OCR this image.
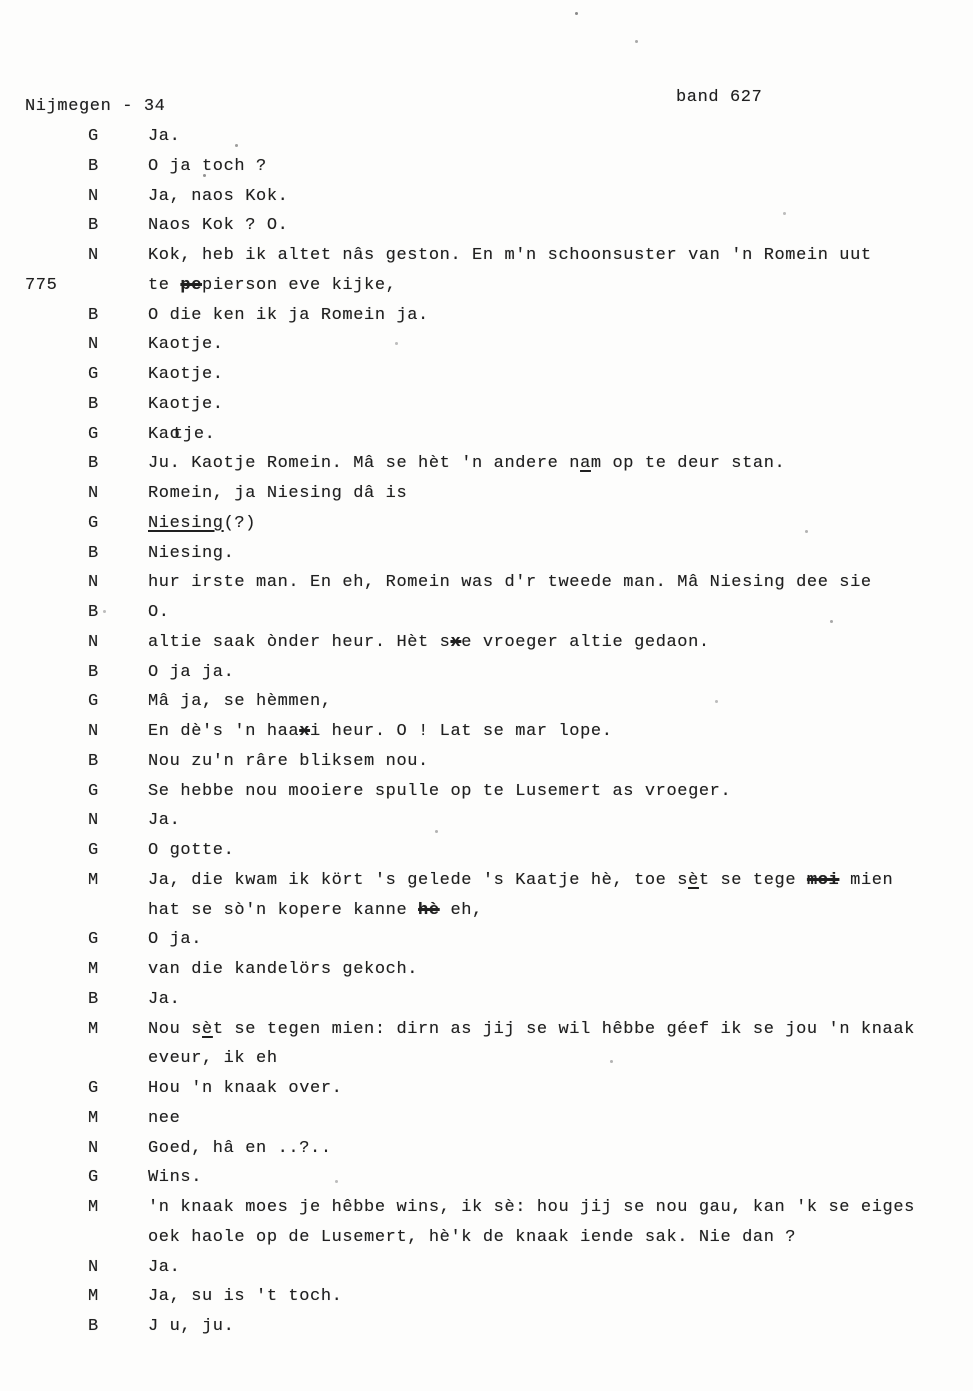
Nijmegen - 34	band 627
G	Ja.
B	O ja toch ?
N	Ja, naos Kok.
B	Naos Kok ? O.
N	Kok, heb ik altet nâs geston. En m'n schoonsuster van 'n Romein uut
775	te pepierson eve kijke,
B	O die ken ik ja Romein ja.
N	Kaotje.
G	Kaotje.
B	Kaotje.
G	Kaot je.
B	Ju. Kaotje Romein. Mâ se hèt 'n andere nam op te deur stan.
N	Romein, ja Niesing dâ is
G	Niesing(?)
B	Niesing.
N	hur irste man. En eh, Romein was d'r tweede man. Mâ Niesing dee sie
B	O.
N	altie saak ònder heur. Hèt sxe vroeger altie gedaon.
B	O ja ja.
G	Mâ ja, se hèmmen,
N	En dè's 'n haaxi heur. O ! Lat se mar lope.
B	Nou zu'n râre bliksem nou.
G	Se hebbe nou mooiere spulle op te Lusemert as vroeger.
N	Ja.
G	O gotte.
M	Ja, die kwam ik kört 's gelede 's Kaatje hè, toe sèt se tege moi mien
hat se sò'n kopere kanne hè eh,
G	O ja.
M	van die kandelörs gekoch.
B	Ja.
M	Nou sèt se tegen mien: dirn as jij se wil hêbbe géef ik se jou 'n knaak
eveur, ik eh
G	Hou 'n knaak over.
M	nee
N	Goed, hâ en ..?..
G	Wins.
M	'n knaak moes je hêbbe wins, ik sè: hou jij se nou gau, kan 'k se eiges
oek haole op de Lusemert, hè'k de knaak iende sak. Nie dan ?
N	Ja.
M	Ja, su is 't toch.
B	J u, ju.
